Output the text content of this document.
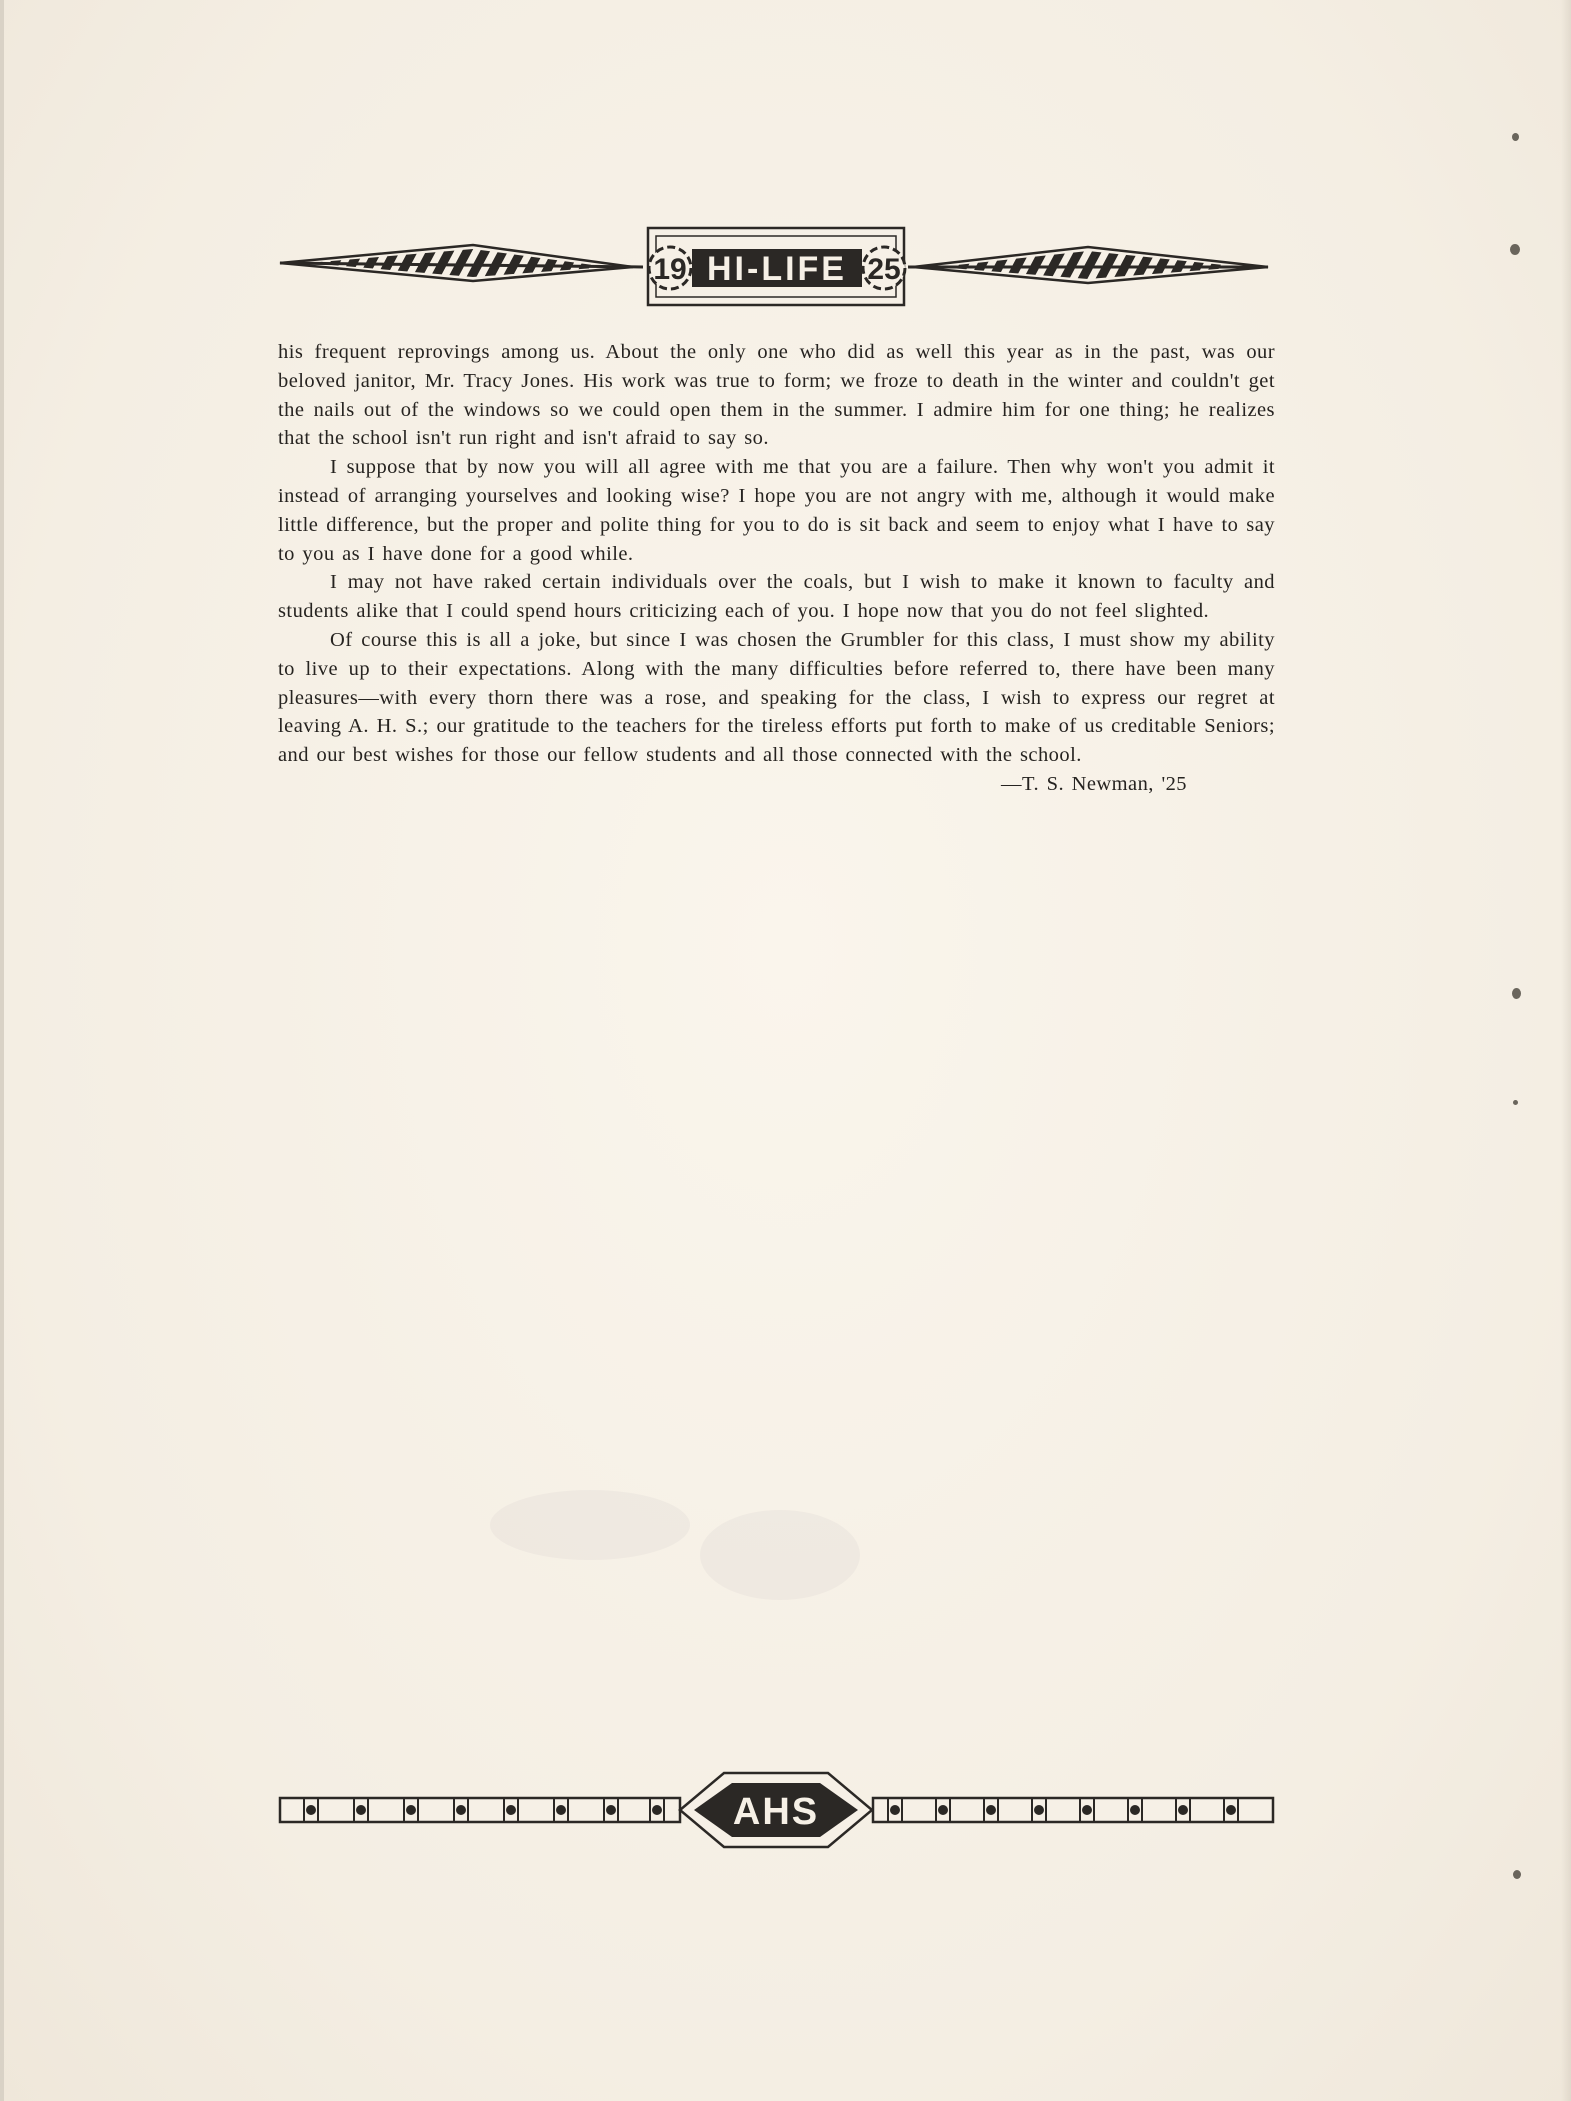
19 HI-LIFE 25

his frequent reprovings among us. About the only one who did as well this year as in the past, was our beloved janitor, Mr. Tracy Jones. His work was true to form; we froze to death in the winter and couldn't get the nails out of the windows so we could open them in the summer. I admire him for one thing; he realizes that the school isn't run right and isn't afraid to say so.

I suppose that by now you will all agree with me that you are a failure. Then why won't you admit it instead of arranging yourselves and looking wise? I hope you are not angry with me, although it would make little difference, but the proper and polite thing for you to do is sit back and seem to enjoy what I have to say to you as I have done for a good while.

I may not have raked certain individuals over the coals, but I wish to make it known to faculty and students alike that I could spend hours criticizing each of you. I hope now that you do not feel slighted.

Of course this is all a joke, but since I was chosen the Grumbler for this class, I must show my ability to live up to their expectations. Along with the many difficulties before referred to, there have been many pleasures—with every thorn there was a rose, and speaking for the class, I wish to express our regret at leaving A. H. S.; our gratitude to the teachers for the tireless efforts put forth to make of us creditable Seniors; and our best wishes for those our fellow students and all those connected with the school.

—T. S. Newman, '25

AHS
